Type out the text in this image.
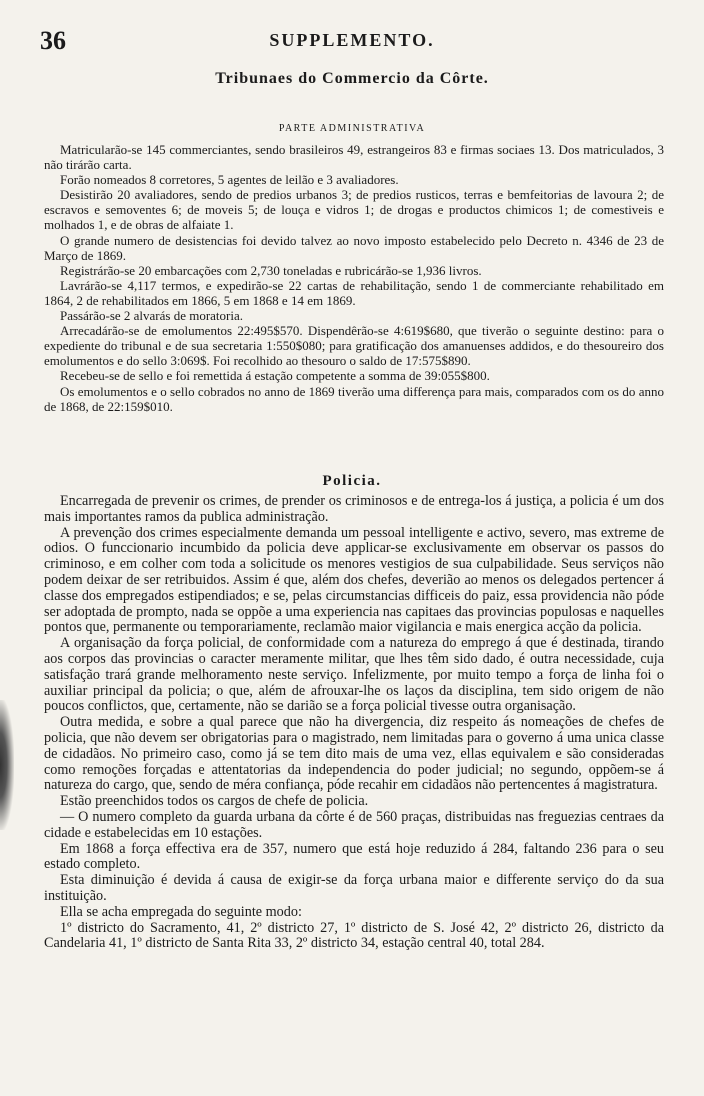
36	SUPPLEMENTO.
Tribunaes do Commercio da Côrte.
PARTE ADMINISTRATIVA

Matricularão-se 145 commerciantes, sendo brasileiros 49, estrangeiros 83 e firmas sociaes 13. Dos matriculados, 3 não tirárão carta.

Forão nomeados 8 corretores, 5 agentes de leilão e 3 avaliadores.

Desistirão 20 avaliadores, sendo de predios urbanos 3; de predios rusticos, terras e bemfeitorias de lavoura 2; de escravos e semoventes 6; de moveis 5; de louça e vidros 1; de drogas e productos chimicos 1; de comestiveis e molhados 1, e de obras de alfaiate 1.

O grande numero de desistencias foi devido talvez ao novo imposto estabelecido pelo Decreto n. 4346 de 23 de Março de 1869.

Registrárão-se 20 embarcações com 2,730 toneladas e rubricárão-se 1,936 livros.

Lavrárão-se 4,117 termos, e expedirão-se 22 cartas de rehabilitação, sendo 1 de commerciante rehabilitado em 1864, 2 de rehabilitados em 1866, 5 em 1868 e 14 em 1869.

Passárão-se 2 alvarás de moratoria.

Arrecadárão-se de emolumentos 22:495$570. Dispendêrão-se 4:619$680, que tiverão o seguinte destino: para o expediente do tribunal e de sua secretaria 1:550$080; para gratificação dos amanuenses addidos, e do thesoureiro dos emolumentos e do sello 3:069$. Foi recolhido ao thesouro o saldo de 17:575$890.

Recebeu-se de sello e foi remettida á estação competente a somma de 39:055$800.

Os emolumentos e o sello cobrados no anno de 1869 tiverão uma differença para mais, comparados com os do anno de 1868, de 22:159$010.

Policia.

Encarregada de prevenir os crimes, de prender os criminosos e de entrega-los á justiça, a policia é um dos mais importantes ramos da publica administração.

A prevenção dos crimes especialmente demanda um pessoal intelligente e activo, severo, mas extreme de odios. O funccionario incumbido da policia deve applicar-se exclusivamente em observar os passos do criminoso, e em colher com toda a solicitude os menores vestigios de sua culpabilidade. Seus serviços não podem deixar de ser retribuidos. Assim é que, além dos chefes, deverião ao menos os delegados pertencer á classe dos empregados estipendiados; e se, pelas circumstancias difficeis do paiz, essa providencia não póde ser adoptada de prompto, nada se oppõe a uma experiencia nas capitaes das provincias populosas e naquelles pontos que, permanente ou temporariamente, reclamão maior vigilancia e mais energica acção da policia.

A organisação da força policial, de conformidade com a natureza do emprego á que é destinada, tirando aos corpos das provincias o caracter meramente militar, que lhes têm sido dado, é outra necessidade, cuja satisfação trará grande melhoramento neste serviço. Infelizmente, por muito tempo a força de linha foi o auxiliar principal da policia; o que, além de afrouxar-lhe os laços da disciplina, tem sido origem de não poucos conflictos, que, certamente, não se darião se a força policial tivesse outra organisação.

Outra medida, e sobre a qual parece que não ha divergencia, diz respeito ás nomeações de chefes de policia, que não devem ser obrigatorias para o magistrado, nem limitadas para o governo á uma unica classe de cidadãos. No primeiro caso, como já se tem dito mais de uma vez, ellas equivalem e são consideradas como remoções forçadas e attentatorias da independencia do poder judicial; no segundo, oppõem-se á natureza do cargo, que, sendo de méra confiança, póde recahir em cidadãos não pertencentes á magistratura.

Estão preenchidos todos os cargos de chefe de policia.

— O numero completo da guarda urbana da côrte é de 560 praças, distribuidas nas freguezias centraes da cidade e estabelecidas em 10 estações.

Em 1868 a força effectiva era de 357, numero que está hoje reduzido á 284, faltando 236 para o seu estado completo.

Esta diminuição é devida á causa de exigir-se da força urbana maior e differente serviço do da sua instituição.

Ella se acha empregada do seguinte modo:

1º districto do Sacramento, 41, 2º districto 27, 1º districto de S. José 42, 2º districto 26, districto da Candelaria 41, 1º districto de Santa Rita 33, 2º districto 34, estação central 40, total 284.
